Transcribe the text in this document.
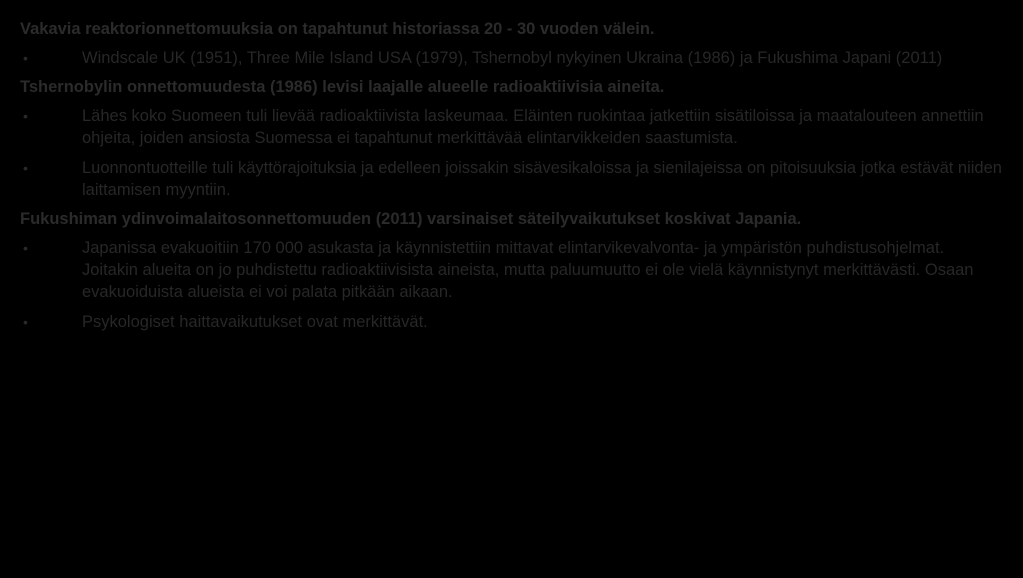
Vakavia reaktorionnettomuuksia on tapahtunut historiassa 20 - 30 vuoden välein.
•	Windscale UK (1951), Three Mile Island USA (1979), Tshernobyl nykyinen Ukraina (1986) ja Fukushima Japani (2011)
Tshernobylin onnettomuudesta (1986) levisi laajalle alueelle radioaktiivisia aineita.
•	Lähes koko Suomeen tuli lievää radioaktiivista laskeumaa. Eläinten ruokintaa jatkettiin sisätiloissa ja maatalouteen annettiin ohjeita, joiden ansiosta Suomessa ei tapahtunut merkittävää elintarvikkeiden saastumista.
•	Luonnontuotteille tuli käyttörajoituksia ja edelleen joissakin sisävesikaloissa ja sienilajeissa on pitoisuuksia jotka estävät niiden laittamisen myyntiin.
Fukushiman ydinvoimalaitosonnettomuuden (2011) varsinaiset säteilyvaikutukset koskivat Japania.
•	Japanissa evakuoitiin 170 000 asukasta ja käynnistettiin mittavat elintarvikevalvonta- ja ympäristön puhdistusohjelmat. Joitakin alueita on jo puhdistettu radioaktiivisista aineista, mutta paluumuutto ei ole vielä käynnistynyt merkittävästi. Osaan evakuoiduista alueista ei voi palata pitkään aikaan.
•	Psykologiset haittavaikutukset ovat merkittävät.
